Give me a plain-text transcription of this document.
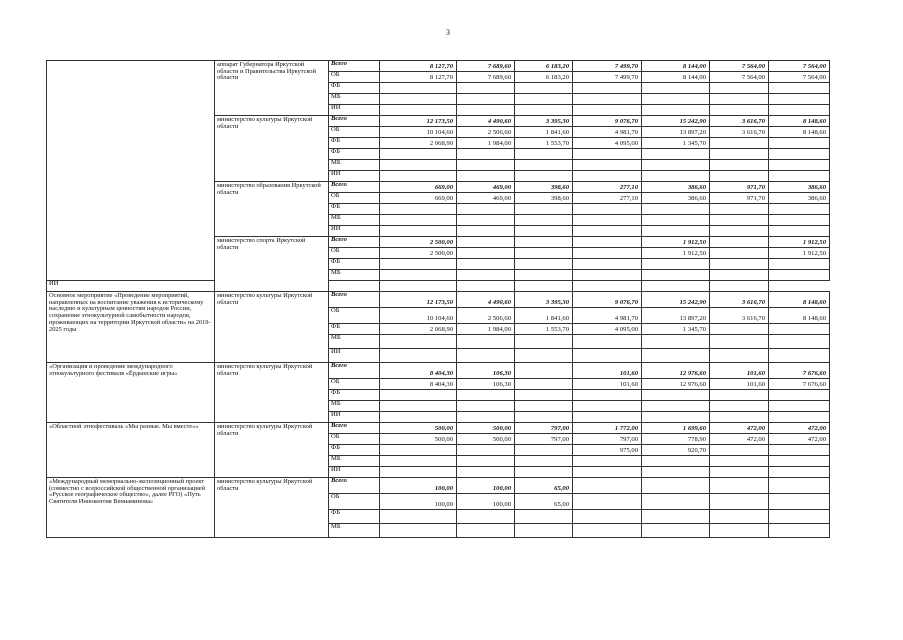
3
	аппарат Губернатора Иркутской области и Правительства Иркутской области	Всего	8 127,70	7 689,60	6 183,20	7 499,70	8 144,00	7 564,00	7 564,00
		ОБ	8 127,70	7 689,60	6 183,20	7 499,70	8 144,00	7 564,00	7 564,00
		ФБ							
		МБ							
		ИИ							
	министерство культуры Иркутской области	Всего	12 173,50	4 490,60	3 395,30	9 076,70	15 242,90	3 616,70	8 148,60
		ОБ	10 104,60	2 506,60	1 841,60	4 981,70	13 897,20	3 616,70	8 148,60
		ФБ	2 068,90	1 984,00	1 553,70	4 095,00	1 345,70		
		ФБ							
		МБ							
		ИИ							
	министерство образования Иркутской области	Всего	669,00	469,00	398,60	277,10	386,60	971,70	386,60
		ОБ	669,00	469,00	398,60	277,10	386,60	971,70	386,60
		ФБ							
		МБ							
		ИИ							
	министерство спорта Иркутской области	Всего	2 500,00				1 912,50		1 912,50
		ОБ	2 500,00				1 912,50		1 912,50
		ФБ							
		МБ							
ИИ									
Основное мероприятие «Проведение мероприятий, направленных на воспитание уважения к историческому наследию и культурным ценностям народов России, сохранение этнокультурной самобытности народов, проживающих на территории Иркутской области» на 2019-2025 годы	министерство культуры Иркутской области	Всего	12 173,50	4 490,60	3 395,30	9 076,70	15 242,90	3 616,70	8 148,60
		ОБ	10 104,60	2 506,60	1 841,60	4 981,70	13 897,20	3 616,70	8 148,60
		ФБ	2 068,90	1 984,00	1 553,70	4 095,00	1 345,70		
		МБ							
		ИИ							
«Организация и проведение международного этнокультурного фестиваля «Ёрдынские игры»	министерство культуры Иркутской области	Всего	8 404,30	106,30		101,60	12 976,60	101,60	7 676,60
		ОБ	8 404,30	106,30		101,60	12 976,60	101,60	7 676,60
		ФБ							
		МБ							
		ИИ							
«Областной этнофестиваль «Мы разные. Мы вместе»»	министерство культуры Иркутской области	Всего	500,00	500,00	797,00	1 772,00	1 699,60	472,00	472,00
		ОБ	500,00	500,00	797,00	797,00	778,90	472,00	472,00
		ФБ				975,00	920,70		
		МБ							
		ИИ							
«Международный мемориально-экспозиционный проект (совместно с всероссийской общественной организацией «Русское географическое общество», далее РГО) «Путь Святителя Иннокентия Вениаминова»	министерство культуры Иркутской области	Всего	100,00	100,00	65,00				
		ОБ	100,00	100,00	65,00				
		ФБ							
		МБ							
